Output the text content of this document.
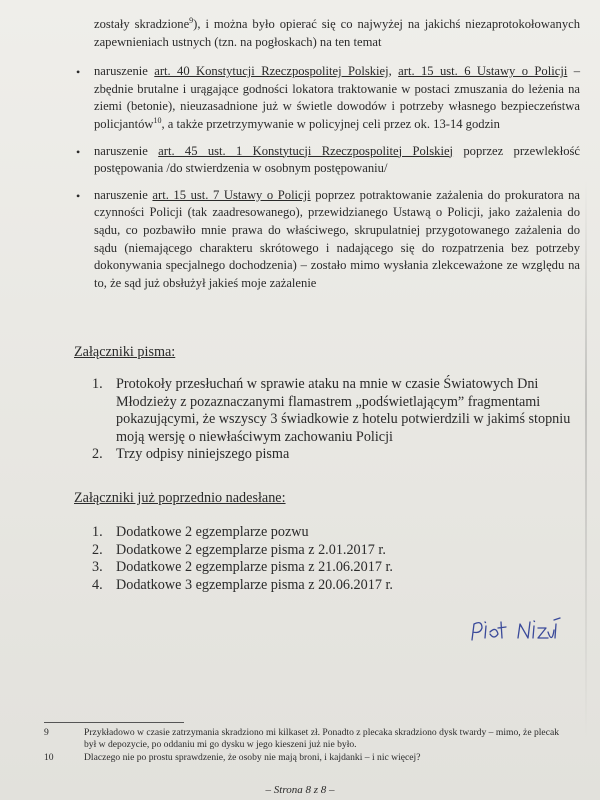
zostały skradzione$^9$), i można było opierać się co najwyżej na jakichś niezaprotokołowanych zapewnieniach ustnych (tzn. na pogłoskach) na ten temat
• naruszenie art. 40 Konstytucji Rzeczpospolitej Polskiej, art. 15 ust. 6 Ustawy o Policji – zbędnie brutalne i urągające godności lokatora traktowanie w postaci zmuszania do leżenia na ziemi (betonie), nieuzasadnione już w świetle dowodów i potrzeby własnego bezpieczeństwa policjantów$^{10}$, a także przetrzymywanie w policyjnej celi przez ok. 13-14 godzin
• naruszenie art. 45 ust. 1 Konstytucji Rzeczpospolitej Polskiej poprzez przewlekłość postępowania /do stwierdzenia w osobnym postępowaniu/
• naruszenie art. 15 ust. 7 Ustawy o Policji poprzez potraktowanie zażalenia do prokuratora na czynności Policji (tak zaadresowanego), przewidzianego Ustawą o Policji, jako zażalenia do sądu, co pozbawiło mnie prawa do właściwego, skrupulatniej przygotowanego zażalenia do sądu (niemającego charakteru skrótowego i nadającego się do rozpatrzenia bez potrzeby dokonywania specjalnego dochodzenia) – zostało mimo wysłania zlekceważone ze względu na to, że sąd już obsłużył jakieś moje zażalenie
Załączniki pisma:
1. Protokoły przesłuchań w sprawie ataku na mnie w czasie Światowych Dni Młodzieży z pozaznaczanymi flamastrem „podświetlającym” fragmentami pokazującymi, że wszyscy 3 świadkowie z hotelu potwierdzili w jakimś stopniu moją wersję o niewłaściwym zachowaniu Policji
2. Trzy odpisy niniejszego pisma
Załączniki już poprzednio nadesłane:
1. Dodatkowe 2 egzemplarze pozwu
2. Dodatkowe 2 egzemplarze pisma z 2.01.2017 r.
3. Dodatkowe 2 egzemplarze pisma z 21.06.2017 r.
4. Dodatkowe 3 egzemplarze pisma z 20.06.2017 r.
9	Przykładowo w czasie zatrzymania skradziono mi kilkaset zł. Ponadto z plecaka skradziono dysk twardy – mimo, że plecak był w depozycie, po oddaniu mi go dysku w jego kieszeni już nie było.
10	Dlaczego nie po prostu sprawdzenie, że osoby nie mają broni, i kajdanki – i nic więcej?
– Strona 8 z 8 –
